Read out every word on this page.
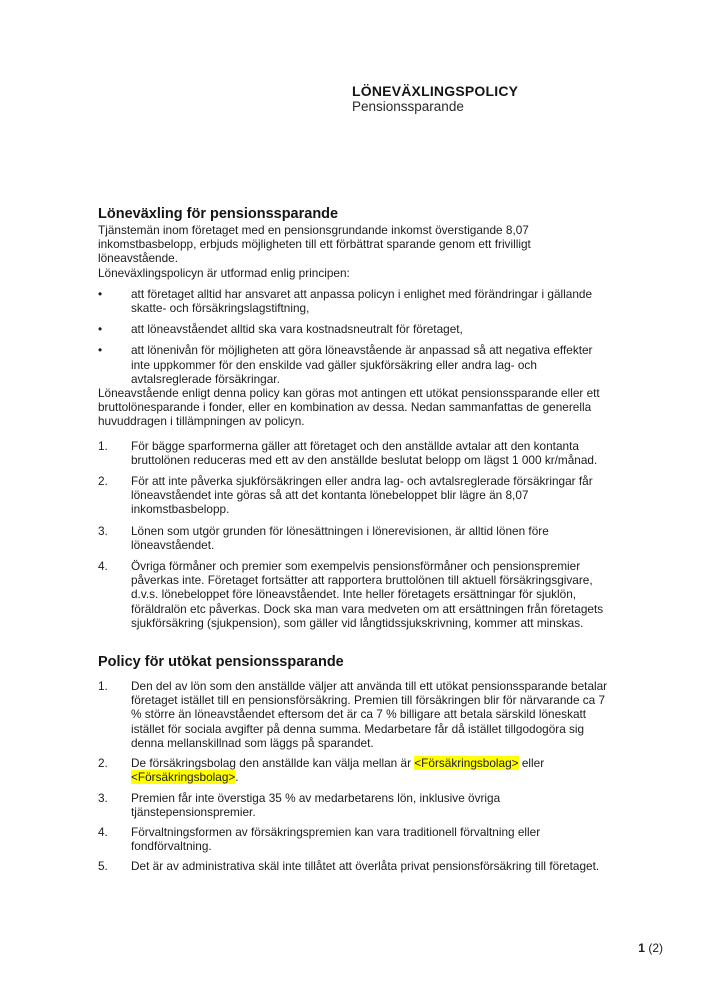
LÖNEVÄXLINGSPOLICY
Pensionssparande
Löneväxling för pensionssparande

Tjänstemän inom företaget med en pensionsgrundande inkomst överstigande 8,07 inkomstbasbelopp, erbjuds möjligheten till ett förbättrat sparande genom ett frivilligt löneavstående.

Löneväxlingspolicyn är utformad enlig principen:

•	att företaget alltid har ansvaret att anpassa policyn i enlighet med förändringar i gällande skatte- och försäkringslagstiftning,
•	att löneavståendet alltid ska vara kostnadsneutralt för företaget,
•	att lönenivån för möjligheten att göra löneavstående är anpassad så att negativa effekter inte uppkommer för den enskilde vad gäller sjukförsäkring eller andra lag- och avtalsreglerade försäkringar.

Löneavstående enligt denna policy kan göras mot antingen ett utökat pensionssparande eller ett bruttolönesparande i fonder, eller en kombination av dessa. Nedan sammanfattas de generella huvuddragen i tillämpningen av policyn.

1.	För bägge sparformerna gäller att företaget och den anställde avtalar att den kontanta bruttolönen reduceras med ett av den anställde beslutat belopp om lägst 1 000 kr/månad.
2.	För att inte påverka sjukförsäkringen eller andra lag- och avtalsreglerade försäkringar får löneavståendet inte göras så att det kontanta lönebeloppet blir lägre än 8,07 inkomstbasbelopp.
3.	Lönen som utgör grunden för lönesättningen i lönerevisionen, är alltid lönen före löneavståendet.
4.	Övriga förmåner och premier som exempelvis pensionsförmåner och pensionspremier påverkas inte. Företaget fortsätter att rapportera bruttolönen till aktuell försäkringsgivare, d.v.s. lönebeloppet före löneavståendet. Inte heller företagets ersättningar för sjuklön, föräldralön etc påverkas. Dock ska man vara medveten om att ersättningen från företagets sjukförsäkring (sjukpension), som gäller vid långtidssjukskrivning, kommer att minskas.
Policy för utökat pensionssparande
1.	Den del av lön som den anställde väljer att använda till ett utökat pensionssparande betalar företaget istället till en pensionsförsäkring. Premien till försäkringen blir för närvarande ca 7 % större än löneavståendet eftersom det är ca 7 % billigare att betala särskild löneskatt istället för sociala avgifter på denna summa. Medarbetare får då istället tillgodogöra sig denna mellanskillnad som läggs på sparandet.
2.	De försäkringsbolag den anställde kan välja mellan är <Försäkringsbolag> eller <Försäkringsbolag>.
3.	Premien får inte överstiga 35 % av medarbetarens lön, inklusive övriga tjänstepensionspremier.
4.	Förvaltningsformen av försäkringspremien kan vara traditionell förvaltning eller fondförvaltning.
5.	Det är av administrativa skäl inte tillåtet att överlåta privat pensionsförsäkring till företaget.
1 (2)
